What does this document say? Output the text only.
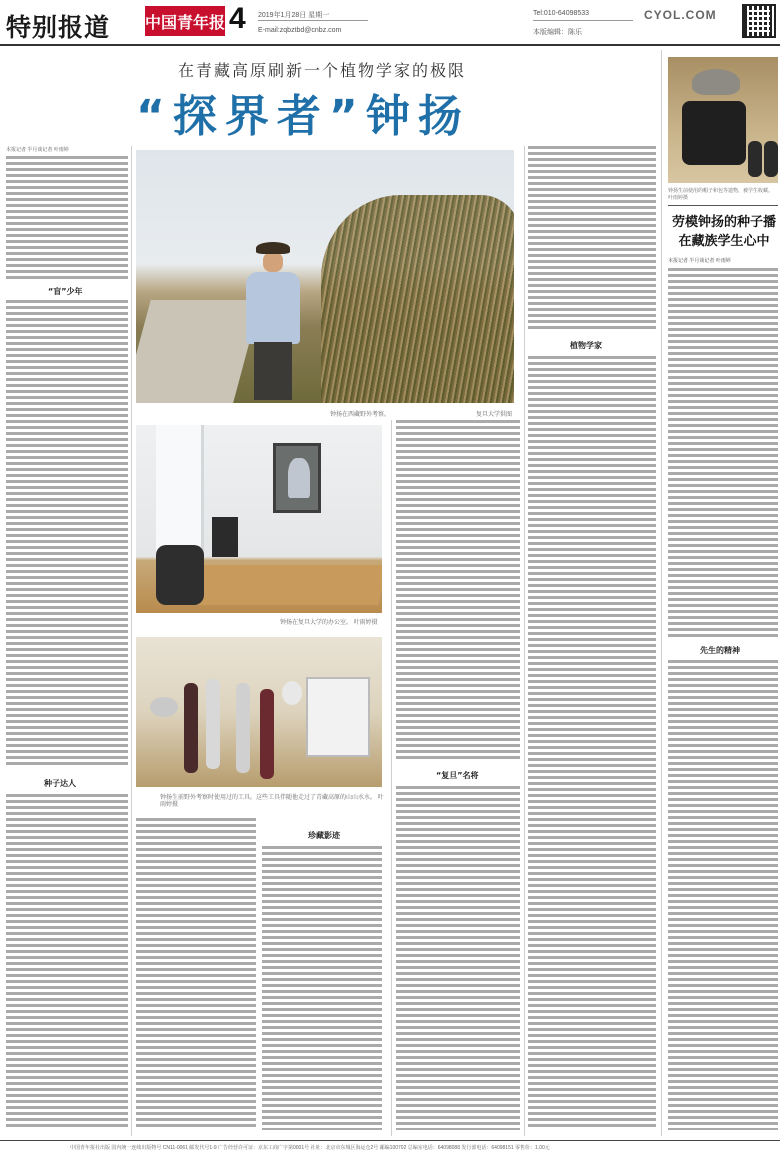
特别报道 中国青年报 4 2019年1月28日 星期一
E-mail:zqbztbd@cnbz.com
Tel:010-64098533
本版编辑：陈乐
CYOL.COM
在青藏高原刷新一个植物学家的极限
“探界者”钟扬
本报记者 半月谈记者 叶雨婷
“盲”少年
种子达人
钟扬在西藏野外考察。	复旦大学供图
钟扬在复旦大学的办公室。 叶雨婷摄
钟扬生前野外考察时使用过的工具。这些工具伴随他走过了青藏高原的山山水水。 叶雨婷摄
珍藏影迹
“复旦”名将
植物学家
钟扬生前使用的帽子和包等遗物，被学生收藏。 叶雨婷摄
劳模钟扬的种子播在藏族学生心中
本报记者 半月谈记者 叶雨婷
先生的精神
中国青年报社出版 国内统一连续出版物号 CN11-0061 邮发代号1-9 广告经营许可证：京东工商广字第0001号 社址：北京市东城区海运仓2号 邮编100702 总编室电话：64098088 发行部电话：64098151 零售价：1.00元
